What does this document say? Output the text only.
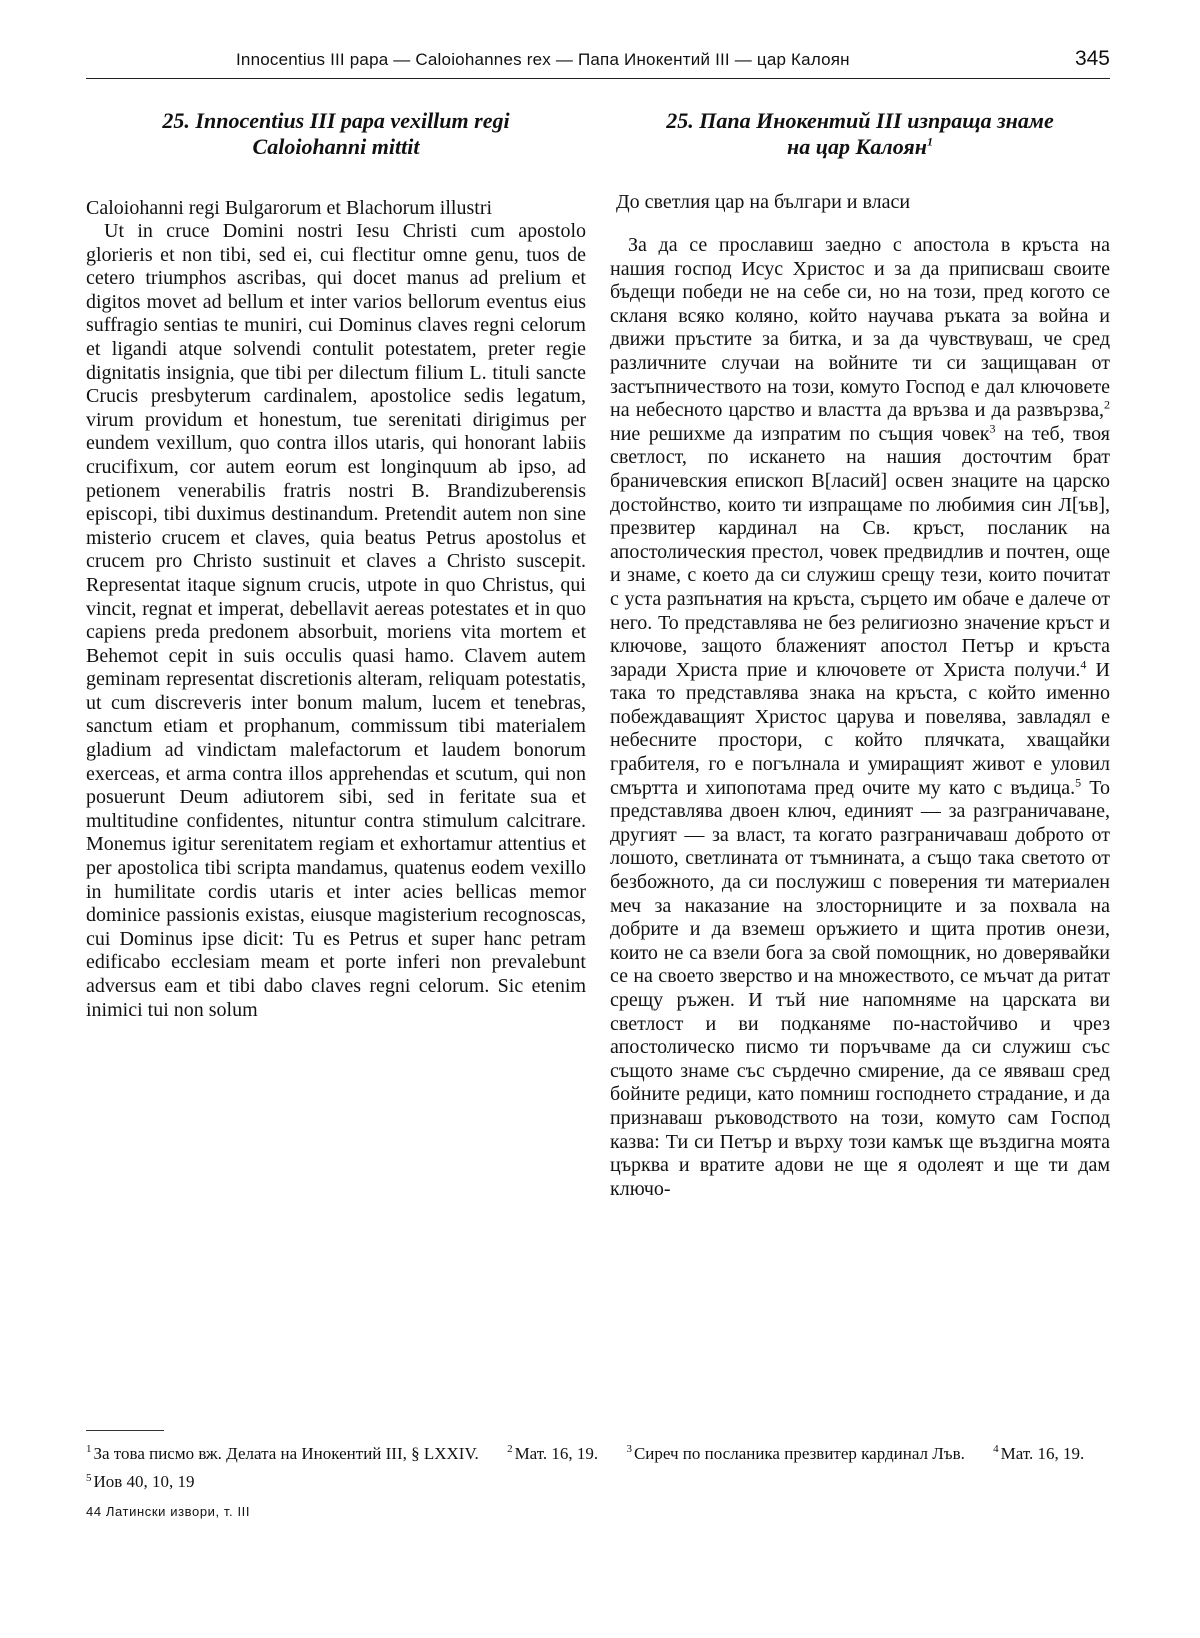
Innocentius III papa — Caloiohannes rex — Папа Инокентий III — цар Калоян	345
25. Innocentius III papa vexillum regi
Caloiohanni mittit
Caloiohanni regi Bulgarorum et Blachorum illustri

Ut in cruce Domini nostri Iesu Christi cum apostolo glorieris et non tibi, sed ei, cui flectitur omne genu, tuos de cetero triumphos ascribas, qui docet manus ad prelium et digitos movet ad bellum et inter varios bellorum eventus eius suffragio sentias te muniri, cui Dominus claves regni celorum et ligandi atque solvendi contulit potestatem, preter regie dignitatis insignia, que tibi per dilectum filium L. tituli sancte Crucis presbyterum cardinalem, apostolice sedis legatum, virum providum et honestum, tue serenitati dirigimus per eundem vexillum, quo contra illos utaris, qui honorant labiis crucifixum, cor autem eorum est longinquum ab ipso, ad petionem venerabilis fratris nostri B. Brandizuberensis episcopi, tibi duximus destinandum. Pretendit autem non sine misterio crucem et claves, quia beatus Petrus apostolus et crucem pro Christo sustinuit et claves a Christo suscepit. Representat itaque signum crucis, utpote in quo Christus, qui vincit, regnat et imperat, debellavit aereas potestates et in quo capiens preda predonem absorbuit, moriens vita mortem et Behemot cepit in suis occulis quasi hamo. Clavem autem geminam representat discretionis alteram, reliquam potestatis, ut cum discreveris inter bonum malum, lucem et tenebras, sanctum etiam et prophanum, commissum tibi materialem gladium ad vindictam malefactorum et laudem bonorum exerceas, et arma contra illos apprehendas et scutum, qui non posuerunt Deum adiutorem sibi, sed in feritate sua et multitudine confidentes, nituntur contra stimulum calcitrare. Monemus igitur serenitatem regiam et exhortamur attentius et per apostolica tibi scripta mandamus, quatenus eodem vexillo in humilitate cordis utaris et inter acies bellicas memor dominice passionis existas, eiusque magisterium recognoscas, cui Dominus ipse dicit: Tu es Petrus et super hanc petram edificabo ecclesiam meam et porte inferi non prevalebunt adversus eam et tibi dabo claves regni celorum. Sic etenim inimici tui non solum

25. Папа Инокентий III изпраща знаме
на цар Калоян$^1$
До светлия цар на българи и власи

За да се прославиш заедно с апостола в кръста на нашия господ Исус Христос и за да приписваш своите бъдещи победи не на себе си, но на този, пред когото се скланя всяко коляно, който научава ръката за война и движи пръстите за битка, и за да чувствуваш, че сред различните случаи на войните ти си защищаван от застъпничеството на този, комуто Господ е дал ключовете на небесното царство и властта да връзва и да развързва,$^2$ ние решихме да изпратим по същия човек$^3$ на теб, твоя светлост, по искането на нашия досточтим брат браничевския епископ В[ласий] освен знаците на царско достойнство, които ти изпращаме по любимия син Л[ъв], презвитер кардинал на Св. кръст, посланик на апостолическия престол, човек предвидлив и почтен, още и знаме, с което да си служиш срещу тези, които почитат с уста разпънатия на кръста, сърцето им обаче е далече от него. То представлява не без религиозно значение кръст и ключове, защото блаженият апостол Петър и кръста заради Христа прие и ключовете от Христа получи.$^4$ И така то представлява знака на кръста, с който именно побеждаващият Христос царува и повелява, завладял е небесните простори, с който плячката, хващайки грабителя, го е погълнала и умиращият живот е уловил смъртта и хипопотама пред очите му като с въдица.$^5$ То представлява двоен ключ, единият — за разграничаване, другият — за власт, та когато разграничаваш доброто от лошото, светлината от тъмнината, а също така светото от безбожното, да си послужиш с поверения ти материален меч за наказание на злосторниците и за похвала на добрите и да вземеш оръжието и щита против онези, които не са взели бога за свой помощник, но доверявайки се на своето зверство и на множеството, се мъчат да ритат срещу ръжен. И тъй ние напомняме на царската ви светлост и ви подканяме по-настойчиво и чрез апостолическо писмо ти поръчваме да си служиш със същото знаме със сърдечно смирение, да се явяваш сред бойните редици, като помниш господнето страдание, и да признаваш ръководството на този, комуто сам Господ казва: Ти си Петър и върху този камък ще въздигна моята църква и вратите адови не ще я одолеят и ще ти дам ключо-

$^1$ За това писмо вж. Делата на Инокентий III, § LXXIV.	$^2$ Мат. 16, 19.	$^3$ Сиреч по посланика презвитер кардинал Лъв.	$^4$ Мат. 16, 19. $^5$ Иов 40, 10, 19
44 Латински извори, т. III
